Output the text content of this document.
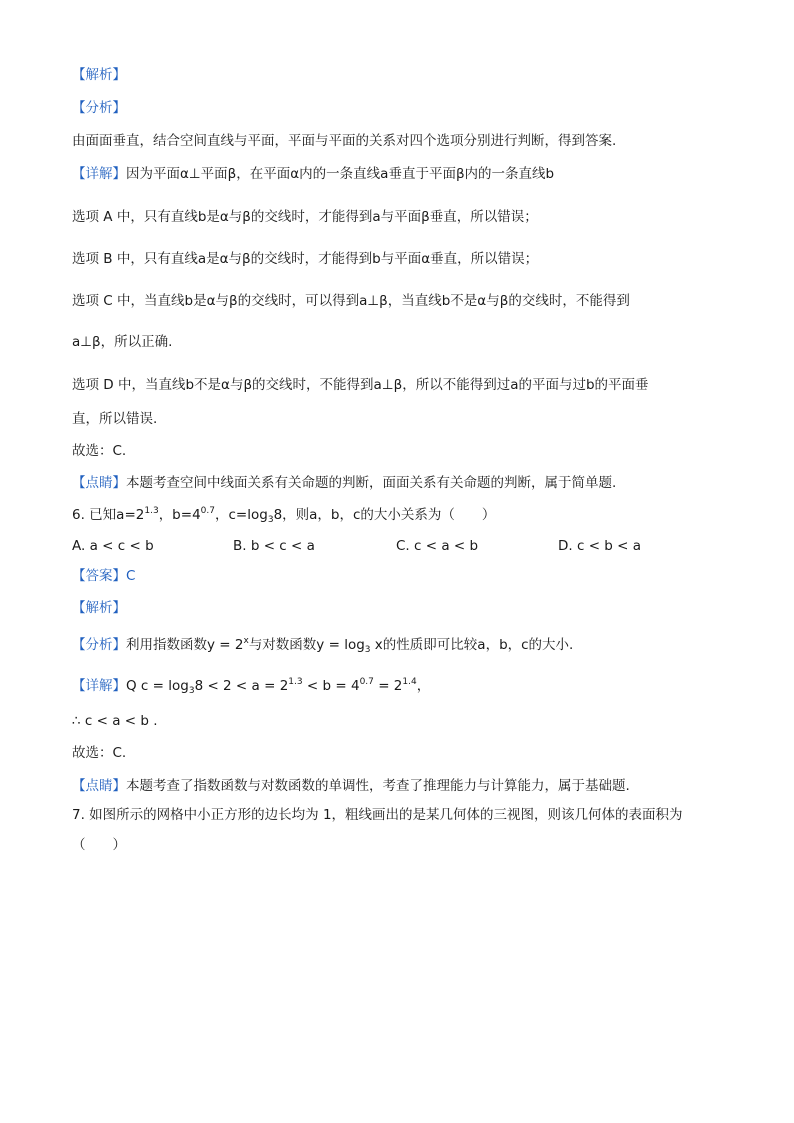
【解析】
【分析】
由面面垂直，结合空间直线与平面，平面与平面的关系对四个选项分别进行判断，得到答案.
【详解】因为平面α⊥平面β，在平面α内的一条直线a垂直于平面β内的一条直线b
选项 A 中，只有直线b是α与β的交线时，才能得到a与平面β垂直，所以错误；
选项 B 中，只有直线a是α与β的交线时，才能得到b与平面α垂直，所以错误；
选项 C 中，当直线b是α与β的交线时，可以得到a⊥β，当直线b不是α与β的交线时，不能得到
a⊥β，所以正确.
选项 D 中，当直线b不是α与β的交线时，不能得到a⊥β，所以不能得到过a的平面与过b的平面垂
直，所以错误.
故选：C.
【点睛】本题考查空间中线面关系有关命题的判断，面面关系有关命题的判断，属于简单题.
6. 已知$a=2^{1.3}$，$b=4^{0.7}$，$c=\log_38$，则a，b，c的大小关系为（　　）
A. a < c < b	B. b < c < a	C. c < a < b	D. c < b < a
【答案】C
【解析】
【分析】利用指数函数$y = 2^x$与对数函数$y = \log_3 x$的性质即可比较a，b，c的大小.
【详解】Q $c = \log_38 < 2 < a = 2^{1.3} < b = 4^{0.7} = 2^{1.4}$，
∴ c < a < b .
故选：C.
【点睛】本题考查了指数函数与对数函数的单调性，考查了推理能力与计算能力，属于基础题.
7. 如图所示的网格中小正方形的边长均为 1，粗线画出的是某几何体的三视图，则该几何体的表面积为
（　　）
